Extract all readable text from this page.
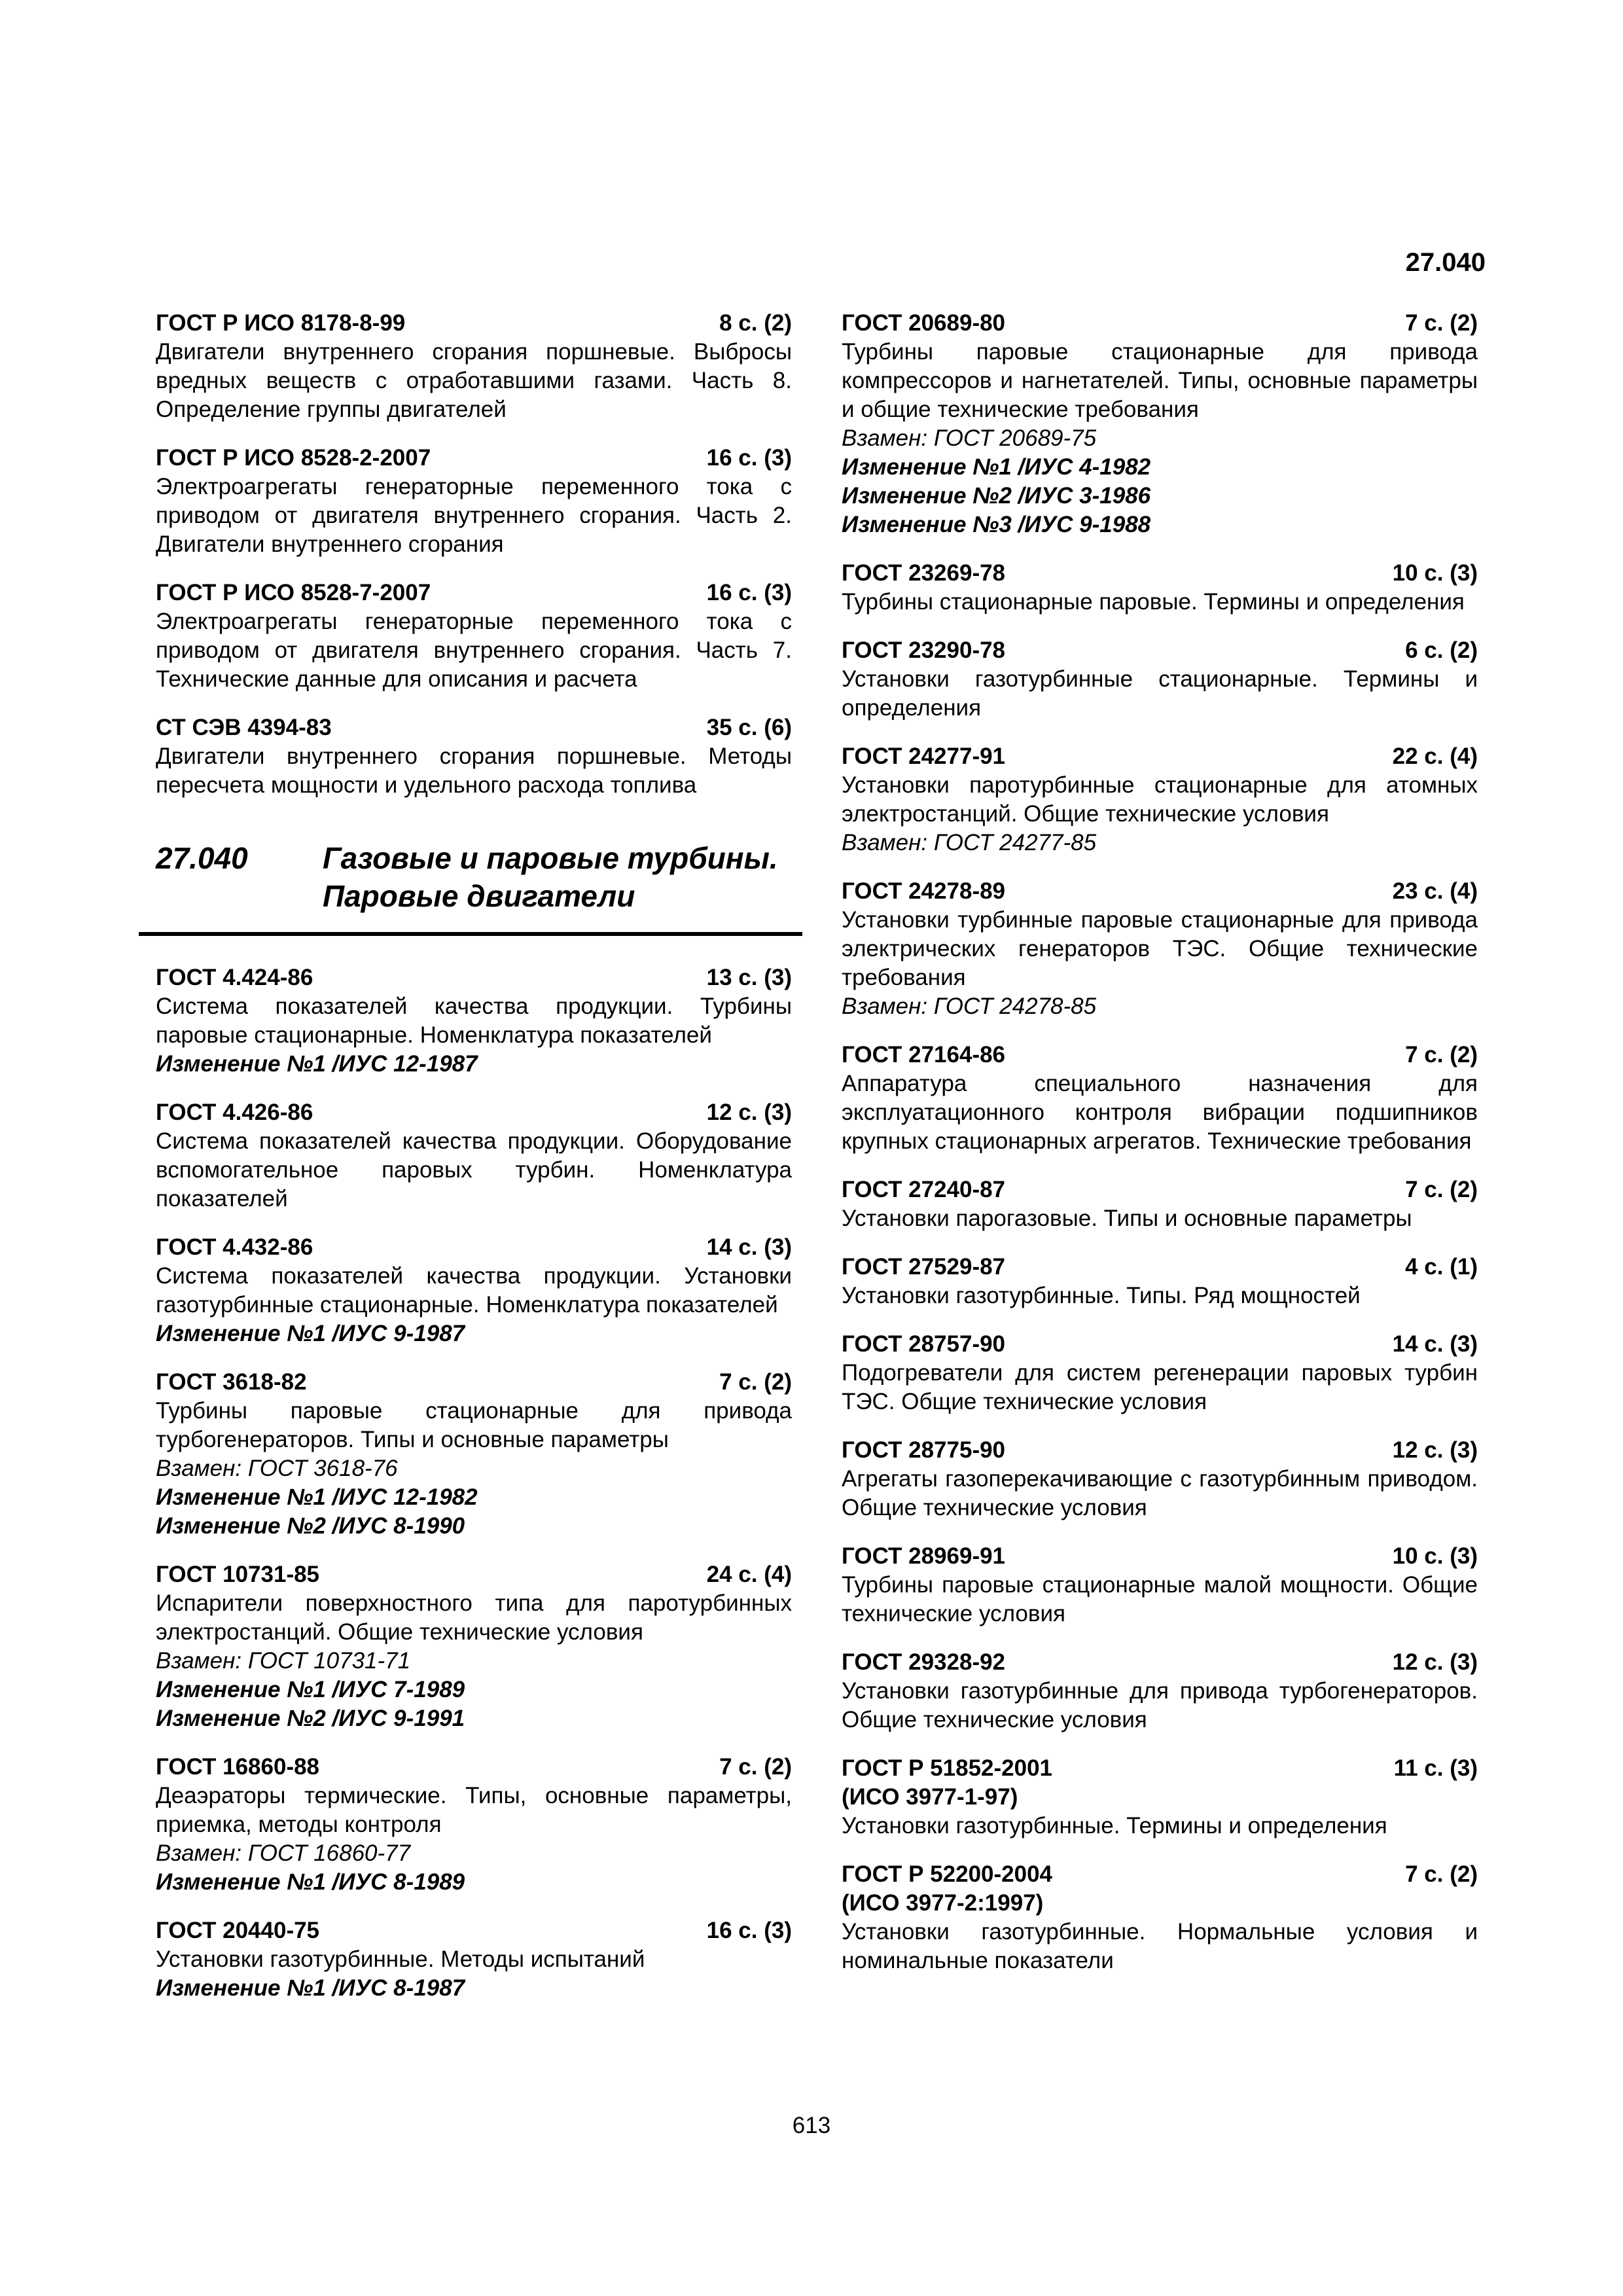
27.040
ГОСТ Р ИСО 8178-8-99	8 с. (2)
Двигатели внутреннего сгорания поршневые. Выбросы вредных веществ с отработавшими газами. Часть 8. Определение группы двигателей
ГОСТ Р ИСО 8528-2-2007	16 с. (3)
Электроагрегаты генераторные переменного тока с приводом от двигателя внутреннего сгорания. Часть 2. Двигатели внутреннего сгорания
ГОСТ Р ИСО 8528-7-2007	16 с. (3)
Электроагрегаты генераторные переменного тока с приводом от двигателя внутреннего сгорания. Часть 7. Технические данные для описания и расчета
СТ СЭВ 4394-83	35 с. (6)
Двигатели внутреннего сгорания поршневые. Методы пересчета мощности и удельного расхода топлива
27.040	Газовые и паровые турбины.
Паровые двигатели
ГОСТ 4.424-86	13 с. (3)
Система показателей качества продукции. Турбины паровые стационарные. Номенклатура показателей
Изменение №1 /ИУС 12-1987
ГОСТ 4.426-86	12 с. (3)
Система показателей качества продукции. Оборудование вспомогательное паровых турбин. Номенклатура показателей
ГОСТ 4.432-86	14 с. (3)
Система показателей качества продукции. Установки газотурбинные стационарные. Номенклатура показателей
Изменение №1 /ИУС 9-1987
ГОСТ 3618-82	7 с. (2)
Турбины паровые стационарные для привода турбогенераторов. Типы и основные параметры
Взамен: ГОСТ 3618-76
Изменение №1 /ИУС 12-1982
Изменение №2 /ИУС 8-1990
ГОСТ 10731-85	24 с. (4)
Испарители поверхностного типа для паротурбинных электростанций. Общие технические условия
Взамен: ГОСТ 10731-71
Изменение №1 /ИУС 7-1989
Изменение №2 /ИУС 9-1991
ГОСТ 16860-88	7 с. (2)
Деаэраторы термические. Типы, основные параметры, приемка, методы контроля
Взамен: ГОСТ 16860-77
Изменение №1 /ИУС 8-1989
ГОСТ 20440-75	16 с. (3)
Установки газотурбинные. Методы испытаний
Изменение №1 /ИУС 8-1987
ГОСТ 20689-80	7 с. (2)
Турбины паровые стационарные для привода компрессоров и нагнетателей. Типы, основные параметры и общие технические требования
Взамен: ГОСТ 20689-75
Изменение №1 /ИУС 4-1982
Изменение №2 /ИУС 3-1986
Изменение №3 /ИУС 9-1988
ГОСТ 23269-78	10 с. (3)
Турбины стационарные паровые. Термины и определения
ГОСТ 23290-78	6 с. (2)
Установки газотурбинные стационарные. Термины и определения
ГОСТ 24277-91	22 с. (4)
Установки паротурбинные стационарные для атомных электростанций. Общие технические условия
Взамен: ГОСТ 24277-85
ГОСТ 24278-89	23 с. (4)
Установки турбинные паровые стационарные для привода электрических генераторов ТЭС. Общие технические требования
Взамен: ГОСТ 24278-85
ГОСТ 27164-86	7 с. (2)
Аппаратура специального назначения для эксплуатационного контроля вибрации подшипников крупных стационарных агрегатов. Технические требования
ГОСТ 27240-87	7 с. (2)
Установки парогазовые. Типы и основные параметры
ГОСТ 27529-87	4 с. (1)
Установки газотурбинные. Типы. Ряд мощностей
ГОСТ 28757-90	14 с. (3)
Подогреватели для систем регенерации паровых турбин ТЭС. Общие технические условия
ГОСТ 28775-90	12 с. (3)
Агрегаты газоперекачивающие с газотурбинным приводом. Общие технические условия
ГОСТ 28969-91	10 с. (3)
Турбины паровые стационарные малой мощности. Общие технические условия
ГОСТ 29328-92	12 с. (3)
Установки газотурбинные для привода турбогенераторов. Общие технические условия
ГОСТ Р 51852-2001	11 с. (3)
(ИСО 3977-1-97)
Установки газотурбинные. Термины и определения
ГОСТ Р 52200-2004	7 с. (2)
(ИСО 3977-2:1997)
Установки газотурбинные. Нормальные условия и номинальные показатели
613
